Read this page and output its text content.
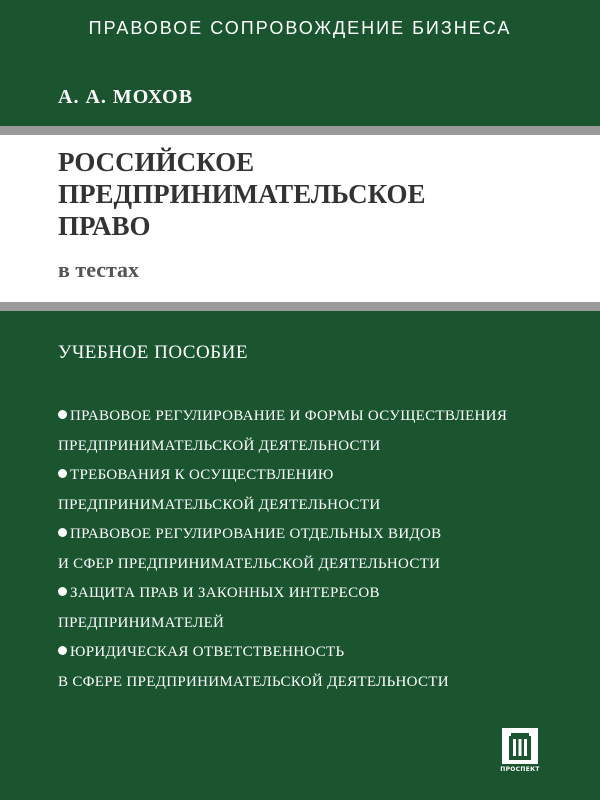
ПРАВОВОЕ СОПРОВОЖДЕНИЕ БИЗНЕСА
А. А. МОХОВ
РОССИЙСКОЕ
ПРЕДПРИНИМАТЕЛЬСКОЕ
ПРАВО
в тестах
УЧЕБНОЕ ПОСОБИЕ
ПРАВОВОЕ РЕГУЛИРОВАНИЕ И ФОРМЫ ОСУЩЕСТВЛЕНИЯ
ПРЕДПРИНИМАТЕЛЬСКОЙ ДЕЯТЕЛЬНОСТИ
ТРЕБОВАНИЯ К ОСУЩЕСТВЛЕНИЮ
ПРЕДПРИНИМАТЕЛЬСКОЙ ДЕЯТЕЛЬНОСТИ
ПРАВОВОЕ РЕГУЛИРОВАНИЕ ОТДЕЛЬНЫХ ВИДОВ
И СФЕР ПРЕДПРИНИМАТЕЛЬСКОЙ ДЕЯТЕЛЬНОСТИ
ЗАЩИТА ПРАВ И ЗАКОННЫХ ИНТЕРЕСОВ
ПРЕДПРИНИМАТЕЛЕЙ
ЮРИДИЧЕСКАЯ ОТВЕТСТВЕННОСТЬ
В СФЕРЕ ПРЕДПРИНИМАТЕЛЬСКОЙ ДЕЯТЕЛЬНОСТИ
ПРОСПЕКТ
